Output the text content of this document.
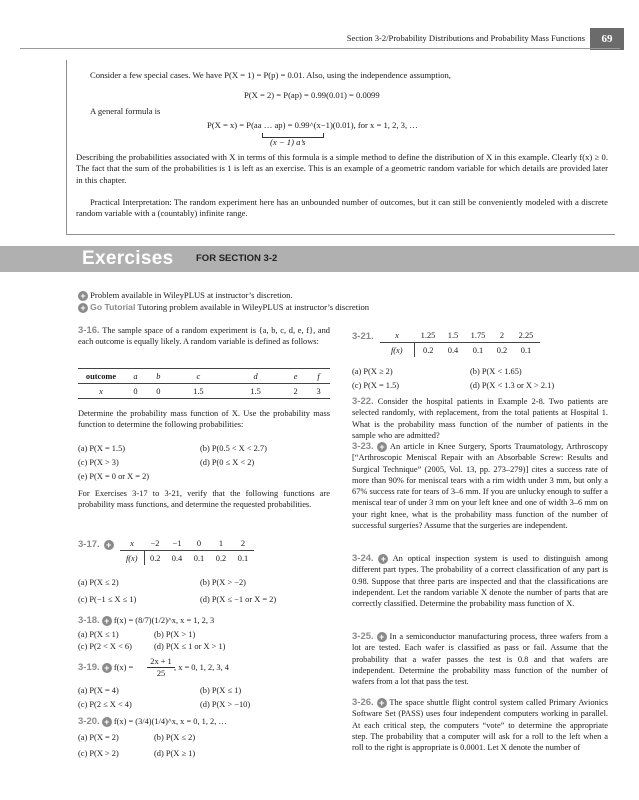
Section 3-2/Probability Distributions and Probability Mass Functions	69
Consider a few special cases. We have P(X = 1) = P(p) = 0.01. Also, using the independence assumption,
P(X = 2) = P(ap) = 0.99(0.01) = 0.0099
A general formula is
P(X = x) = P(aa … ap) = 0.99^(x−1)(0.01), for x = 1, 2, 3, …
(x − 1) a’s
Describing the probabilities associated with X in terms of this formula is a simple method to define the distribution of X in this example. Clearly f(x) ≥ 0. The fact that the sum of the probabilities is 1 is left as an exercise. This is an example of a geometric random variable for which details are provided later in this chapter.
Practical Interpretation: The random experiment here has an unbounded number of outcomes, but it can still be conveniently modeled with a discrete random variable with a (countably) infinite range.
Exercises FOR SECTION 3-2
+ Problem available in WileyPLUS at instructor’s discretion.
+ Go Tutorial Tutoring problem available in WileyPLUS at instructor’s discretion
3-16. The sample space of a random experiment is {a, b, c, d, e, f}, and each outcome is equally likely. A random variable is defined as follows:
outcome	a	b	c	d	e	f
x	0	0	1.5	1.5	2	3
Determine the probability mass function of X. Use the probability mass function to determine the following probabilities:
(a) P(X = 1.5)	(b) P(0.5 < X < 2.7)
(c) P(X > 3)	(d) P(0 ≤ X < 2)
(e) P(X = 0 or X = 2)
For Exercises 3-17 to 3-21, verify that the following functions are probability mass functions, and determine the requested probabilities.
3-17. + x	−2	−1	0	1	2
f(x)	0.2	0.4	0.1	0.2	0.1
(a) P(X ≤ 2)	(b) P(X > −2)
(c) P(−1 ≤ X ≤ 1)	(d) P(X ≤ −1 or X = 2)
3-18. + f(x) = (8/7)(1/2)^x, x = 1, 2, 3
(a) P(X ≤ 1)	(b) P(X > 1)
(c) P(2 < X < 6)	(d) P(X ≤ 1 or X > 1)
3-19. + $f(x) = \frac{2x + 1}{25}$ , x = 0, 1, 2, 3, 4
(a) P(X = 4)	(b) P(X ≤ 1)
(c) P(2 ≤ X < 4)	(d) P(X > −10)
3-20. + f(x) = (3/4)(1/4)^x, x = 0, 1, 2, …
(a) P(X = 2)	(b) P(X ≤ 2)
(c) P(X > 2)	(d) P(X ≥ 1)
3-21.	x	1.25	1.5	1.75	2	2.25
f(x)	0.2	0.4	0.1	0.2	0.1
(a) P(X ≥ 2)	(b) P(X < 1.65)
(c) P(X = 1.5)	(d) P(X < 1.3 or X > 2.1)
3-22. Consider the hospital patients in Example 2-8. Two patients are selected randomly, with replacement, from the total patients at Hospital 1. What is the probability mass function of the number of patients in the sample who are admitted?
3-23. + An article in Knee Surgery, Sports Traumatology, Arthroscopy [“Arthroscopic Meniscal Repair with an Absorbable Screw: Results and Surgical Technique” (2005, Vol. 13, pp. 273–279)] cites a success rate of more than 90% for meniscal tears with a rim width under 3 mm, but only a 67% success rate for tears of 3–6 mm. If you are unlucky enough to suffer a meniscal tear of under 3 mm on your left knee and one of width 3–6 mm on your right knee, what is the probability mass function of the number of successful surgeries? Assume that the surgeries are independent.
3-24. + An optical inspection system is used to distinguish among different part types. The probability of a correct classification of any part is 0.98. Suppose that three parts are inspected and that the classifications are independent. Let the random variable X denote the number of parts that are correctly classified. Determine the probability mass function of X.
3-25. + In a semiconductor manufacturing process, three wafers from a lot are tested. Each wafer is classified as pass or fail. Assume that the probability that a wafer passes the test is 0.8 and that wafers are independent. Determine the probability mass function of the number of wafers from a lot that pass the test.
3-26. + The space shuttle flight control system called Primary Avionics Software Set (PASS) uses four independent computers working in parallel. At each critical step, the computers “vote” to determine the appropriate step. The probability that a computer will ask for a roll to the left when a roll to the right is appropriate is 0.0001. Let X denote the number of
